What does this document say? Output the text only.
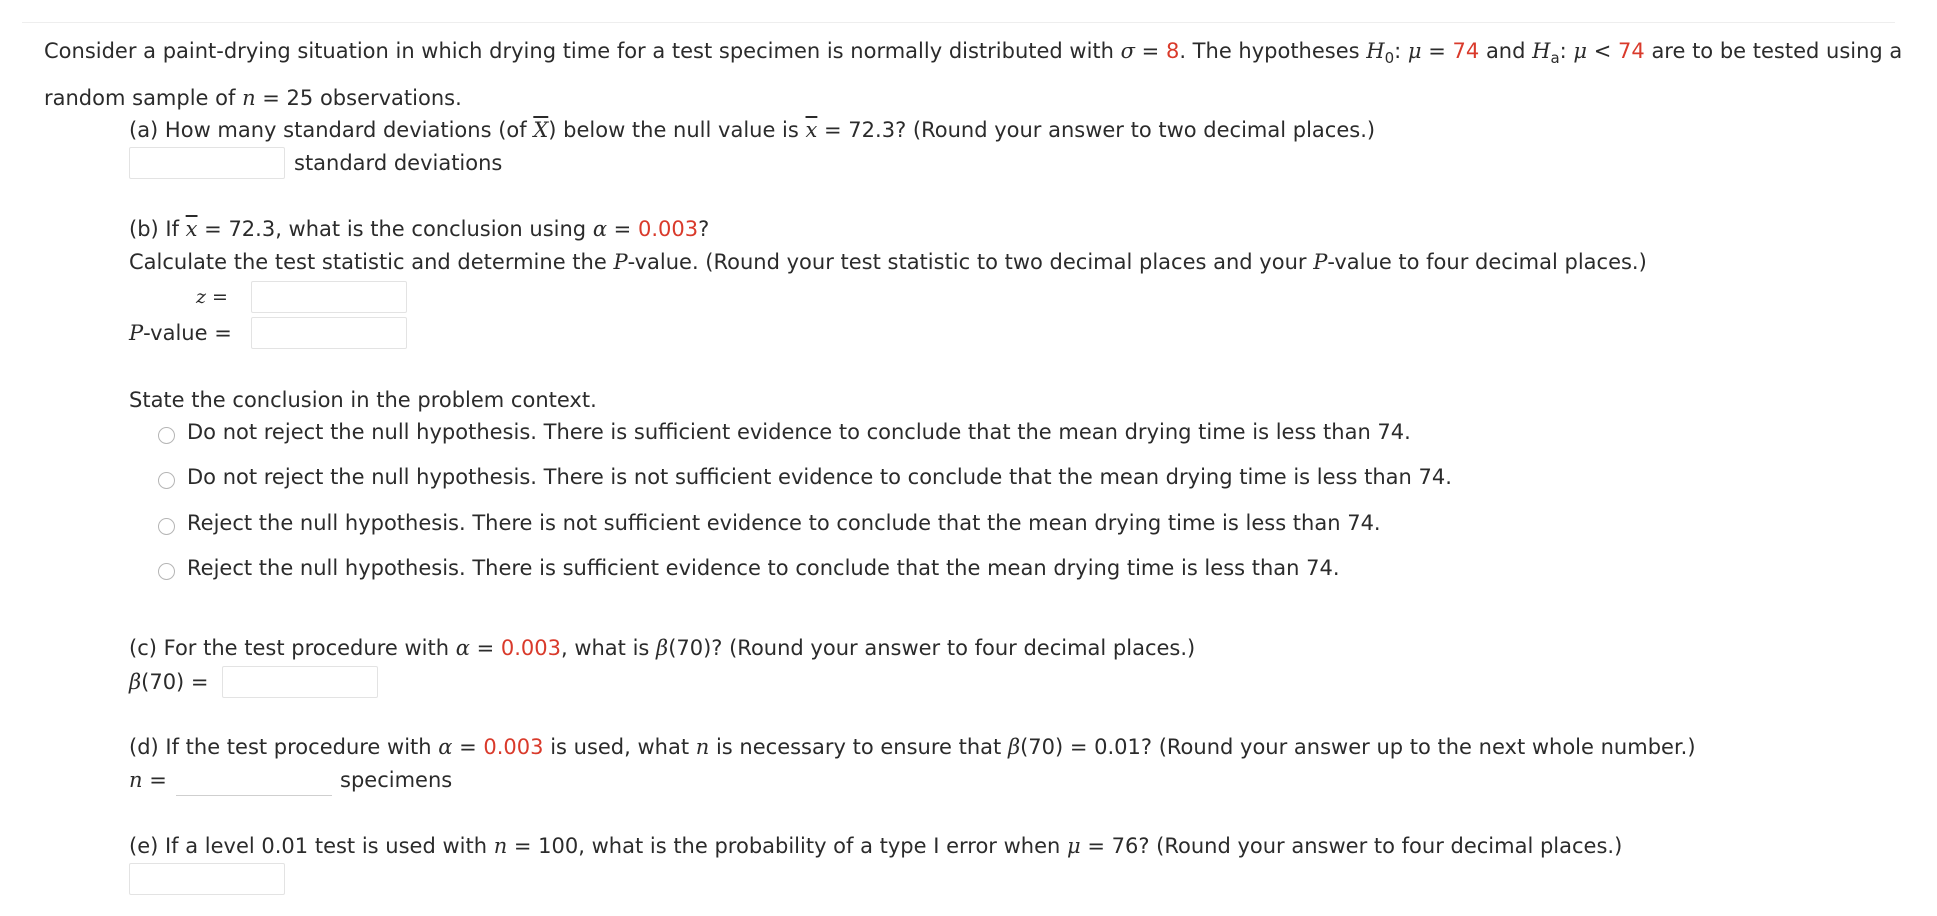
Consider a paint-drying situation in which drying time for a test specimen is normally distributed with σ = 8. The hypotheses $H_0$: μ = 74 and $H_a$: μ < 74 are to be tested using a random sample of n = 25 observations.
(a) How many standard deviations (of $\overline{X}$) below the null value is $\overline{x} = 72.3$? (Round your answer to two decimal places.)
standard deviations
(b) If $\overline{x} = 72.3$, what is the conclusion using α = 0.003?
Calculate the test statistic and determine the P-value. (Round your test statistic to two decimal places and your P-value to four decimal places.)
z =
P-value =
State the conclusion in the problem context.
Do not reject the null hypothesis. There is sufficient evidence to conclude that the mean drying time is less than 74.
Do not reject the null hypothesis. There is not sufficient evidence to conclude that the mean drying time is less than 74.
Reject the null hypothesis. There is not sufficient evidence to conclude that the mean drying time is less than 74.
Reject the null hypothesis. There is sufficient evidence to conclude that the mean drying time is less than 74.
(c) For the test procedure with α = 0.003, what is β(70)? (Round your answer to four decimal places.)
β(70) =
(d) If the test procedure with α = 0.003 is used, what n is necessary to ensure that β(70) = 0.01? (Round your answer up to the next whole number.)
n =	specimens
(e) If a level 0.01 test is used with n = 100, what is the probability of a type I error when μ = 76? (Round your answer to four decimal places.)
